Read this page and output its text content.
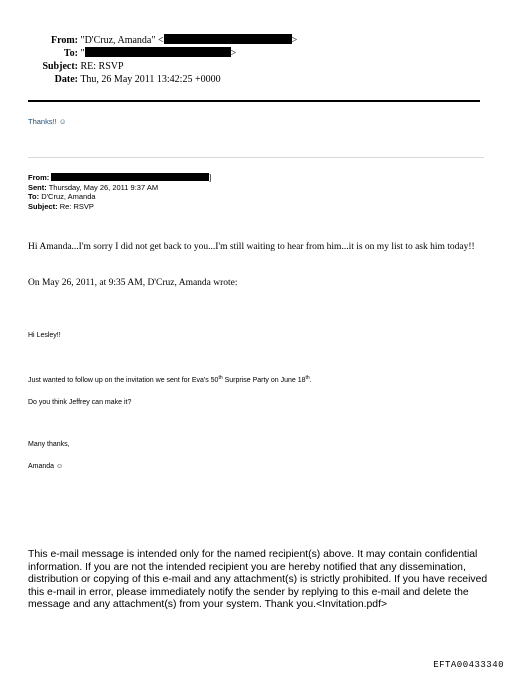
From: "D'Cruz, Amanda" <	>
To: "	>
Subject: RE: RSVP
Date: Thu, 26 May 2011 13:42:25 +0000
Thanks!! ☺
From:	]
Sent: Thursday, May 26, 2011 9:37 AM
To: D'Cruz, Amanda
Subject: Re: RSVP
Hi Amanda...I'm sorry I did not get back to you...I'm still waiting to hear from him...it is on my list to ask him today!!
On May 26, 2011, at 9:35 AM, D'Cruz, Amanda wrote:
Hi Lesley!!
Just wanted to follow up on the invitation we sent for Eva's 50th Surprise Party on June 18th.
Do you think Jeffrey can make it?
Many thanks,
Amanda ☺
This e-mail message is intended only for the named recipient(s) above. It may contain confidential information. If you are not the intended recipient you are hereby notified that any dissemination, distribution or copying of this e-mail and any attachment(s) is strictly prohibited. If you have received this e-mail in error, please immediately notify the sender by replying to this e-mail and delete the message and any attachment(s) from your system. Thank you.<Invitation.pdf>
EFTA00433340
